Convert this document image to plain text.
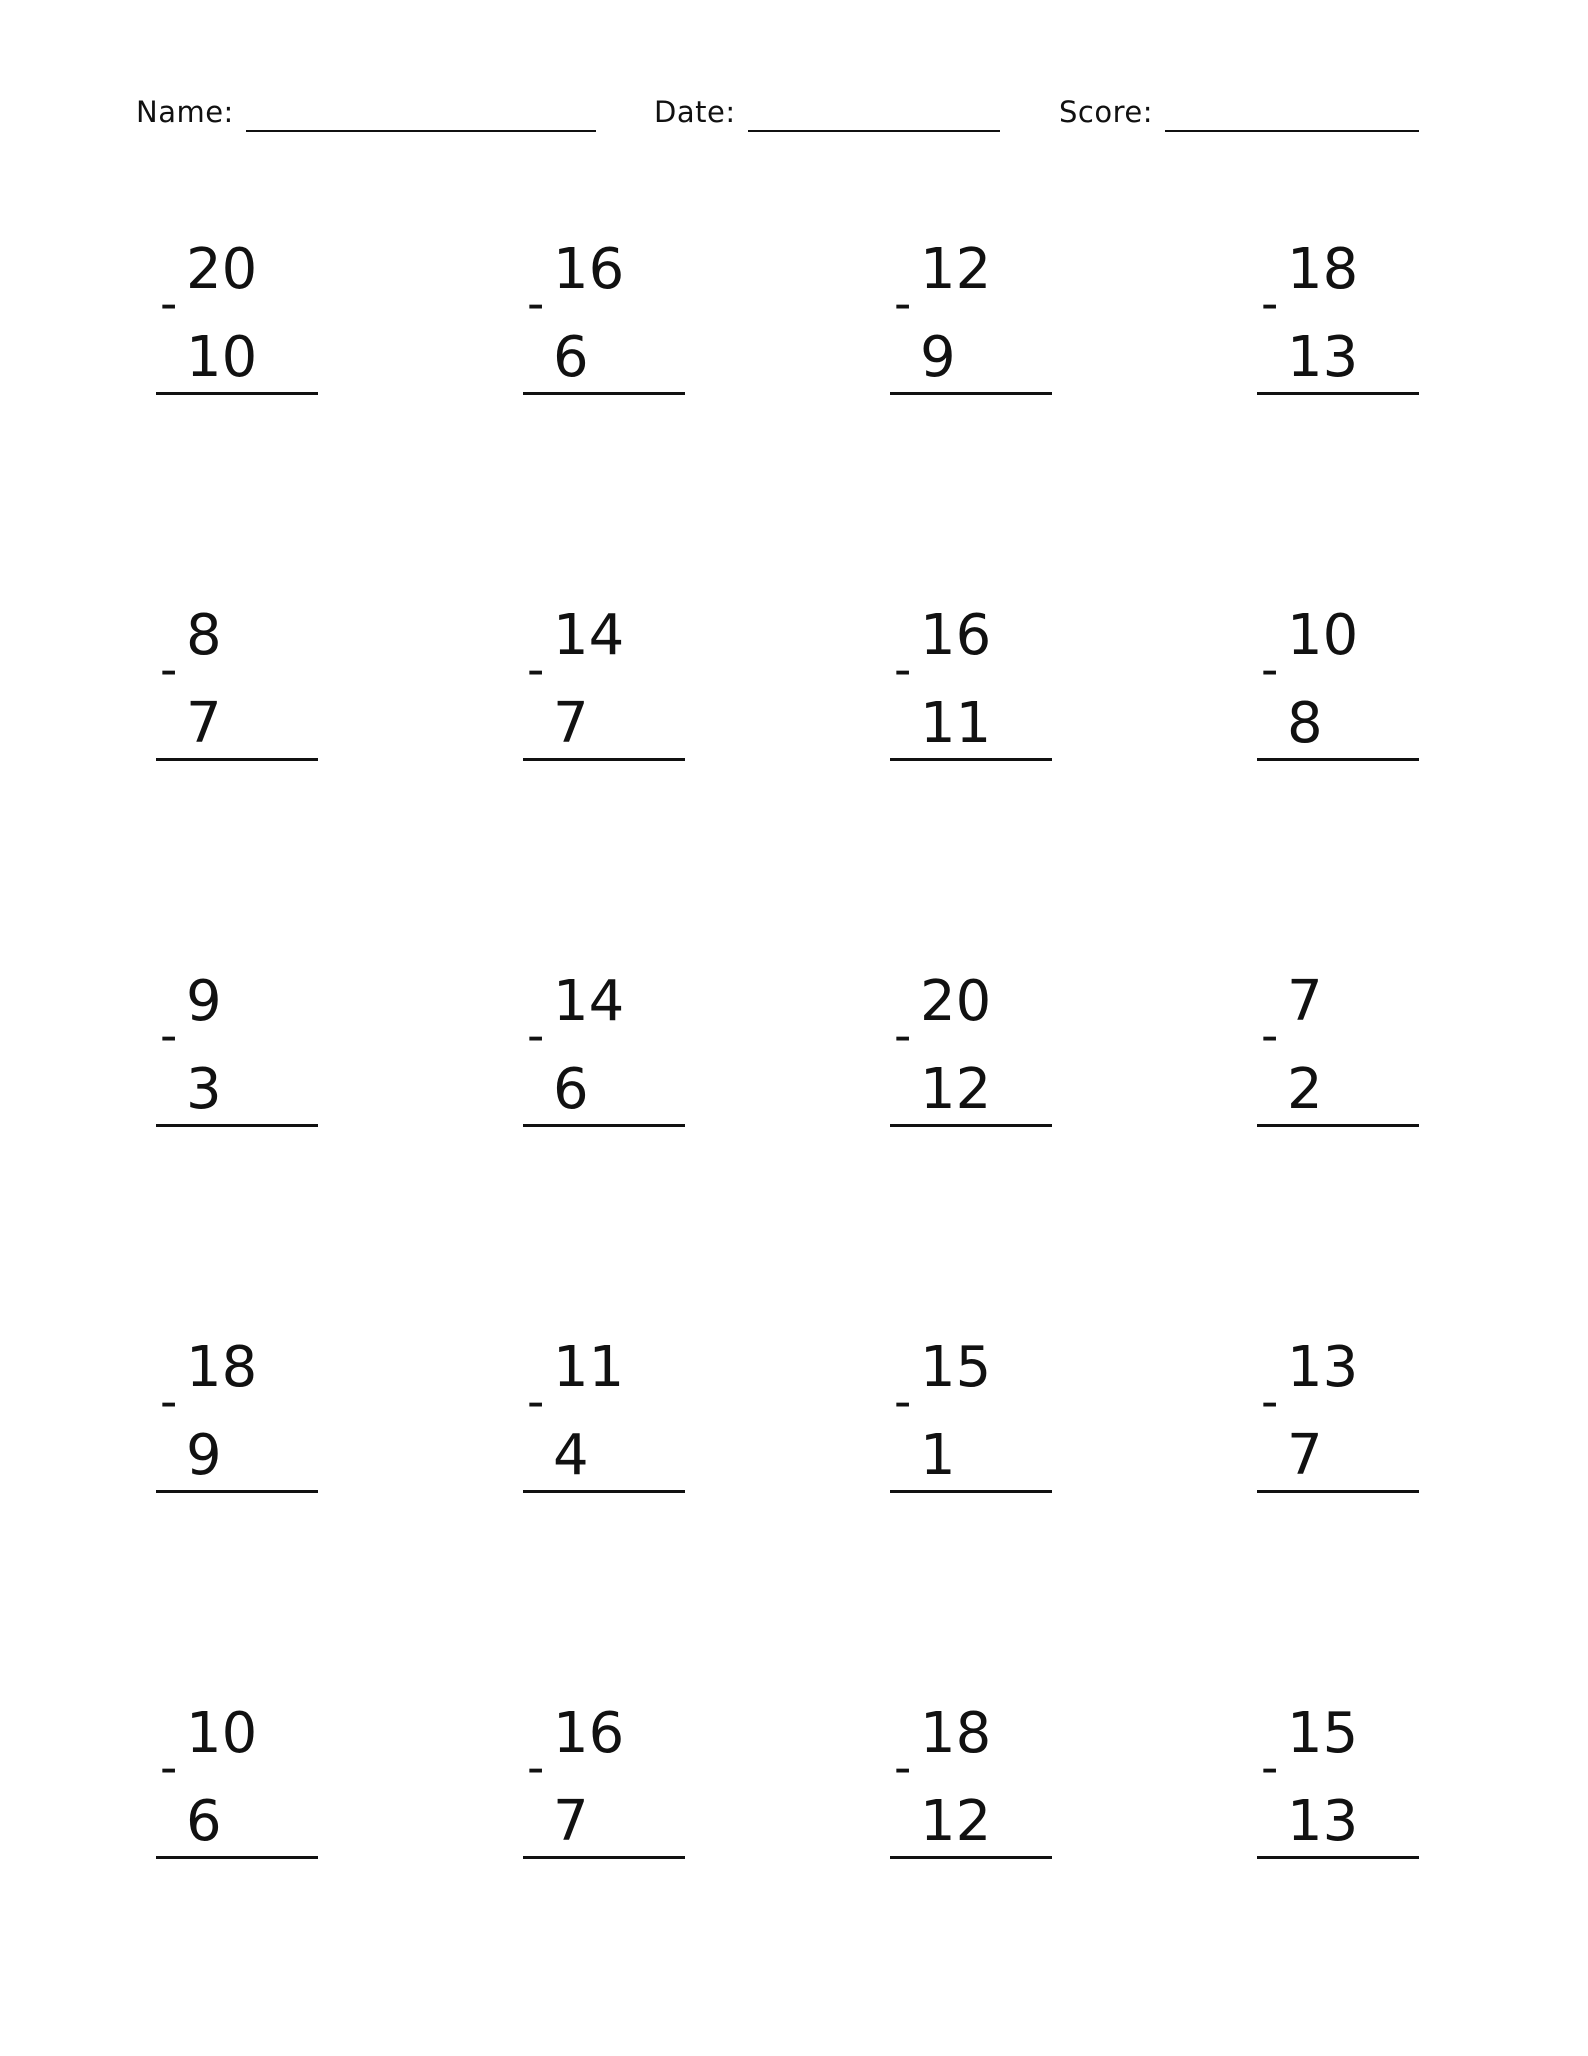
Name:	Date:	Score:
20
-
10
16
-
6
12
-
9
18
-
13
8
-
7
14
-
7
16
-
11
10
-
8
9
-
3
14
-
6
20
-
12
7
-
2
18
-
9
11
-
4
15
-
1
13
-
7
10
-
6
16
-
7
18
-
12
15
-
13
